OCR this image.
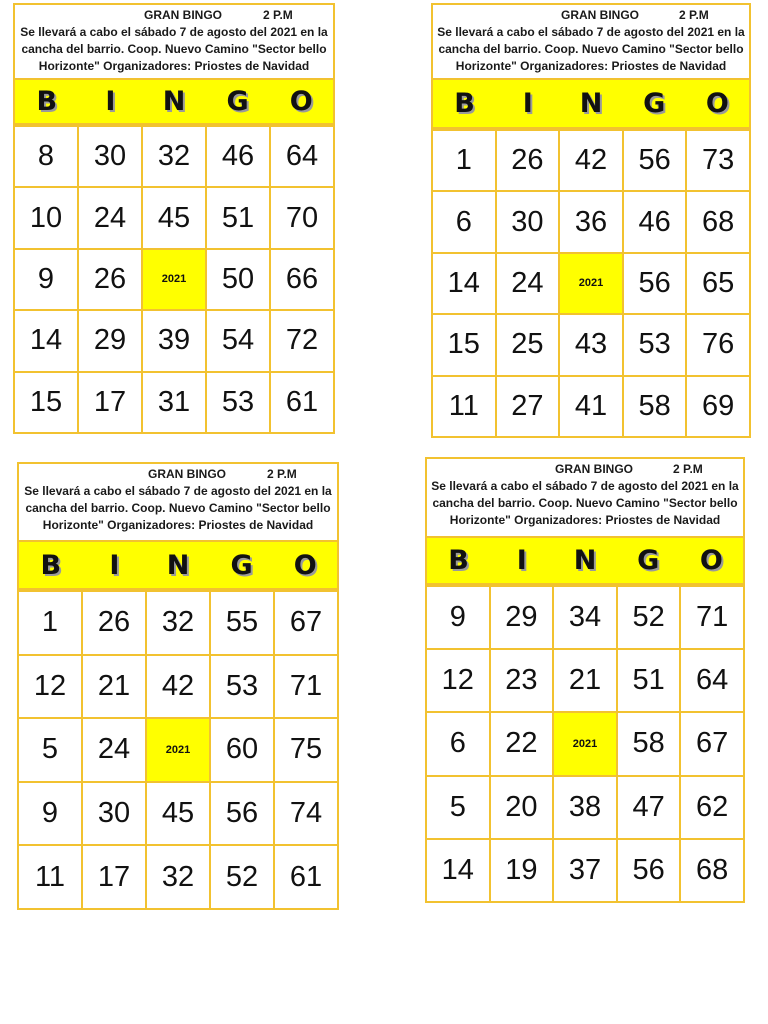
GRAN BINGO	2 P.M
Se llevará a cabo el sábado 7 de agosto del 2021 en la cancha del barrio. Coop. Nuevo Camino "Sector bello Horizonte" Organizadores: Priostes de Navidad
B	I	N	G	O
8	30	32	46	64
10	24	45	51	70
9	26	2021	50	66
14	29	39	54	72
15	17	31	53	61
GRAN BINGO	2 P.M
Se llevará a cabo el sábado 7 de agosto del 2021 en la cancha del barrio. Coop. Nuevo Camino "Sector bello Horizonte" Organizadores: Priostes de Navidad
B	I	N	G	O
1	26	42	56	73
6	30	36	46	68
14	24	2021	56	65
15	25	43	53	76
11	27	41	58	69
GRAN BINGO	2 P.M
Se llevará a cabo el sábado 7 de agosto del 2021 en la cancha del barrio. Coop. Nuevo Camino "Sector bello Horizonte" Organizadores: Priostes de Navidad
B	I	N	G	O
1	26	32	55	67
12	21	42	53	71
5	24	2021	60	75
9	30	45	56	74
11	17	32	52	61
GRAN BINGO	2 P.M
Se llevará a cabo el sábado 7 de agosto del 2021 en la cancha del barrio. Coop. Nuevo Camino "Sector bello Horizonte" Organizadores: Priostes de Navidad
B	I	N	G	O
9	29	34	52	71
12	23	21	51	64
6	22	2021	58	67
5	20	38	47	62
14	19	37	56	68
